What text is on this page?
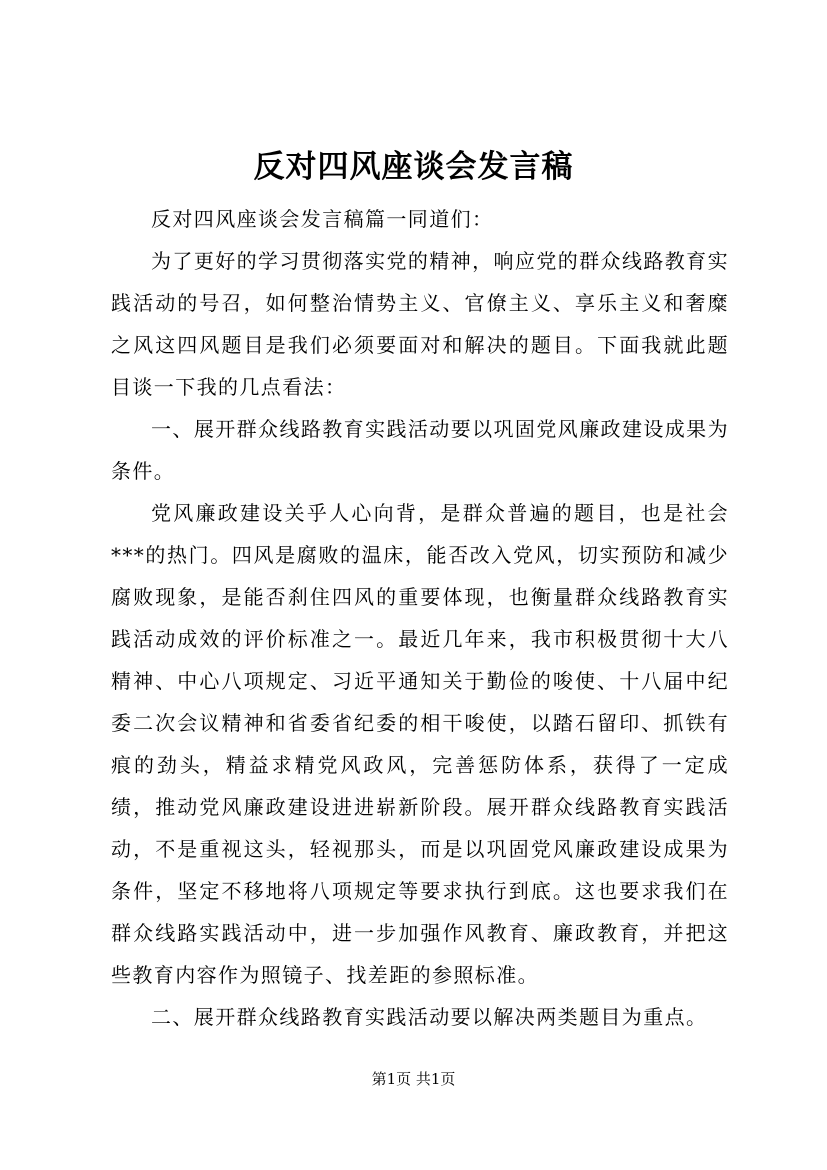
反对四风座谈会发言稿

反对四风座谈会发言稿篇一同道们：

为了更好的学习贯彻落实党的精神，响应党的群众线路教育实践活动的号召，如何整治情势主义、官僚主义、享乐主义和奢糜之风这四风题目是我们必须要面对和解决的题目。下面我就此题目谈一下我的几点看法：

一、展开群众线路教育实践活动要以巩固党风廉政建设成果为条件。

党风廉政建设关乎人心向背，是群众普遍的题目，也是社会***的热门。四风是腐败的温床，能否改入党风，切实预防和减少腐败现象，是能否刹住四风的重要体现，也衡量群众线路教育实践活动成效的评价标准之一。最近几年来，我市积极贯彻十大八精神、中心八项规定、习近平通知关于勤俭的唆使、十八届中纪委二次会议精神和省委省纪委的相干唆使，以踏石留印、抓铁有痕的劲头，精益求精党风政风，完善惩防体系，获得了一定成绩，推动党风廉政建设进进崭新阶段。展开群众线路教育实践活动，不是重视这头，轻视那头，而是以巩固党风廉政建设成果为条件，坚定不移地将八项规定等要求执行到底。这也要求我们在群众线路实践活动中，进一步加强作风教育、廉政教育，并把这些教育内容作为照镜子、找差距的参照标准。

二、展开群众线路教育实践活动要以解决两类题目为重点。

第1页 共1页
